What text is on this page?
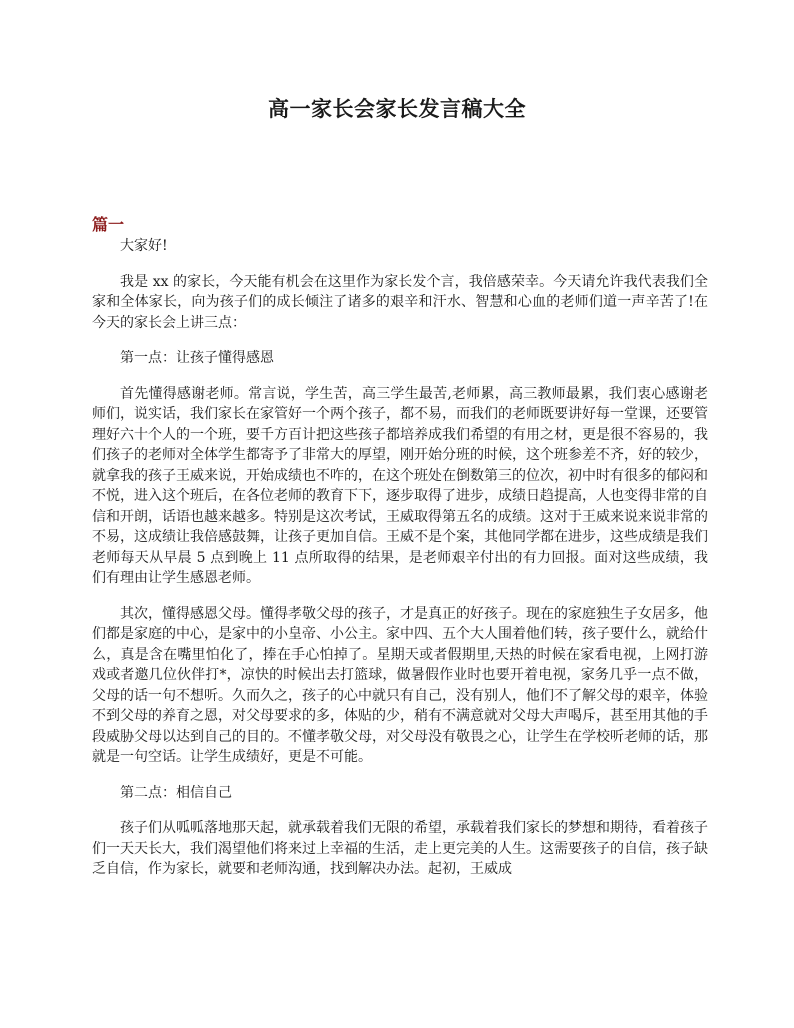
高一家长会家长发言稿大全
篇一

大家好!

我是 xx 的家长，今天能有机会在这里作为家长发个言，我倍感荣幸。今天请允许我代表我们全家和全体家长，向为孩子们的成长倾注了诸多的艰辛和汗水、智慧和心血的老师们道一声辛苦了!在今天的家长会上讲三点：

第一点：让孩子懂得感恩

首先懂得感谢老师。常言说，学生苦，高三学生最苦,老师累，高三教师最累，我们衷心感谢老师们，说实话，我们家长在家管好一个两个孩子，都不易，而我们的老师既要讲好每一堂课，还要管理好六十个人的一个班，要千方百计把这些孩子都培养成我们希望的有用之材，更是很不容易的，我们孩子的老师对全体学生都寄予了非常大的厚望，刚开始分班的时候，这个班参差不齐，好的较少，就拿我的孩子王威来说，开始成绩也不咋的，在这个班处在倒数第三的位次，初中时有很多的郁闷和不悦，进入这个班后，在各位老师的教育下下，逐步取得了进步，成绩日趋提高，人也变得非常的自信和开朗，话语也越来越多。特别是这次考试，王威取得第五名的成绩。这对于王威来说来说非常的不易，这成绩让我倍感鼓舞，让孩子更加自信。王威不是个案，其他同学都在进步，这些成绩是我们老师每天从早晨 5 点到晚上 11 点所取得的结果，是老师艰辛付出的有力回报。面对这些成绩，我们有理由让学生感恩老师。

其次，懂得感恩父母。懂得孝敬父母的孩子，才是真正的好孩子。现在的家庭独生子女居多，他们都是家庭的中心，是家中的小皇帝、小公主。家中四、五个大人围着他们转，孩子要什么，就给什么，真是含在嘴里怕化了，捧在手心怕掉了。星期天或者假期里,天热的时候在家看电视，上网打游戏或者邀几位伙伴打*，凉快的时候出去打篮球，做暑假作业时也要开着电视，家务几乎一点不做，父母的话一句不想听。久而久之，孩子的心中就只有自己，没有别人，他们不了解父母的艰辛，体验不到父母的养育之恩，对父母要求的多，体贴的少，稍有不满意就对父母大声喝斥，甚至用其他的手段威胁父母以达到自己的目的。不懂孝敬父母，对父母没有敬畏之心，让学生在学校听老师的话，那就是一句空话。让学生成绩好，更是不可能。

第二点：相信自己

孩子们从呱呱落地那天起，就承载着我们无限的希望，承载着我们家长的梦想和期待，看着孩子们一天天长大，我们渴望他们将来过上幸福的生活，走上更完美的人生。这需要孩子的自信，孩子缺乏自信，作为家长，就要和老师沟通，找到解决办法。起初，王威成
